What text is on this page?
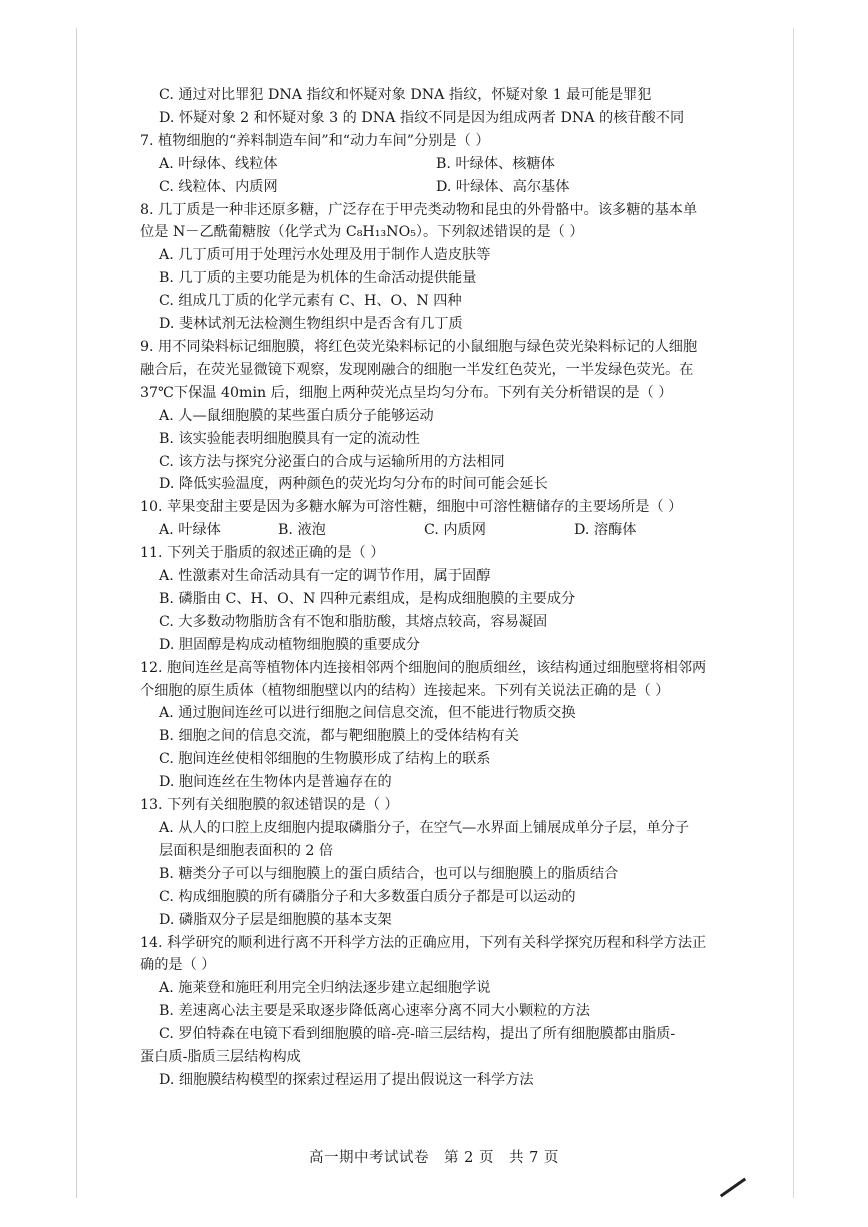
C. 通过对比罪犯 DNA 指纹和怀疑对象 DNA 指纹，怀疑对象 1 最可能是罪犯
D. 怀疑对象 2 和怀疑对象 3 的 DNA 指纹不同是因为组成两者 DNA 的核苷酸不同
7. 植物细胞的“养料制造车间”和“动力车间”分别是（ ）
A. 叶绿体、线粒体	B. 叶绿体、核糖体
C. 线粒体、内质网	D. 叶绿体、高尔基体
8. 几丁质是一种非还原多糖，广泛存在于甲壳类动物和昆虫的外骨骼中。该多糖的基本单
位是 N－乙酰葡糖胺（化学式为 C₈H₁₃NO₅）。下列叙述错误的是（ ）
A. 几丁质可用于处理污水处理及用于制作人造皮肤等
B. 几丁质的主要功能是为机体的生命活动提供能量
C. 组成几丁质的化学元素有 C、H、O、N 四种
D. 斐林试剂无法检测生物组织中是否含有几丁质
9. 用不同染料标记细胞膜，将红色荧光染料标记的小鼠细胞与绿色荧光染料标记的人细胞
融合后，在荧光显微镜下观察，发现刚融合的细胞一半发红色荧光，一半发绿色荧光。在
37℃下保温 40min 后，细胞上两种荧光点呈均匀分布。下列有关分析错误的是（ ）
A. 人—鼠细胞膜的某些蛋白质分子能够运动
B. 该实验能表明细胞膜具有一定的流动性
C. 该方法与探究分泌蛋白的合成与运输所用的方法相同
D. 降低实验温度，两种颜色的荧光均匀分布的时间可能会延长
10. 苹果变甜主要是因为多糖水解为可溶性糖，细胞中可溶性糖储存的主要场所是（ ）
A. 叶绿体	B. 液泡	C. 内质网	D. 溶酶体
11. 下列关于脂质的叙述正确的是（ ）
A. 性激素对生命活动具有一定的调节作用，属于固醇
B. 磷脂由 C、H、O、N 四种元素组成，是构成细胞膜的主要成分
C. 大多数动物脂肪含有不饱和脂肪酸，其熔点较高，容易凝固
D. 胆固醇是构成动植物细胞膜的重要成分
12. 胞间连丝是高等植物体内连接相邻两个细胞间的胞质细丝，该结构通过细胞壁将相邻两
个细胞的原生质体（植物细胞壁以内的结构）连接起来。下列有关说法正确的是（ ）
A. 通过胞间连丝可以进行细胞之间信息交流，但不能进行物质交换
B. 细胞之间的信息交流，都与靶细胞膜上的受体结构有关
C. 胞间连丝使相邻细胞的生物膜形成了结构上的联系
D. 胞间连丝在生物体内是普遍存在的
13. 下列有关细胞膜的叙述错误的是（ ）
A. 从人的口腔上皮细胞内提取磷脂分子，在空气—水界面上铺展成单分子层，单分子
层面积是细胞表面积的 2 倍
B. 糖类分子可以与细胞膜上的蛋白质结合，也可以与细胞膜上的脂质结合
C. 构成细胞膜的所有磷脂分子和大多数蛋白质分子都是可以运动的
D. 磷脂双分子层是细胞膜的基本支架
14. 科学研究的顺利进行离不开科学方法的正确应用，下列有关科学探究历程和科学方法正
确的是（ ）
A. 施莱登和施旺利用完全归纳法逐步建立起细胞学说
B. 差速离心法主要是采取逐步降低离心速率分离不同大小颗粒的方法
C. 罗伯特森在电镜下看到细胞膜的暗-亮-暗三层结构，提出了所有细胞膜都由脂质-
蛋白质-脂质三层结构构成
D. 细胞膜结构模型的探索过程运用了提出假说这一科学方法
高一期中考试试卷　第 2 页　共 7 页
